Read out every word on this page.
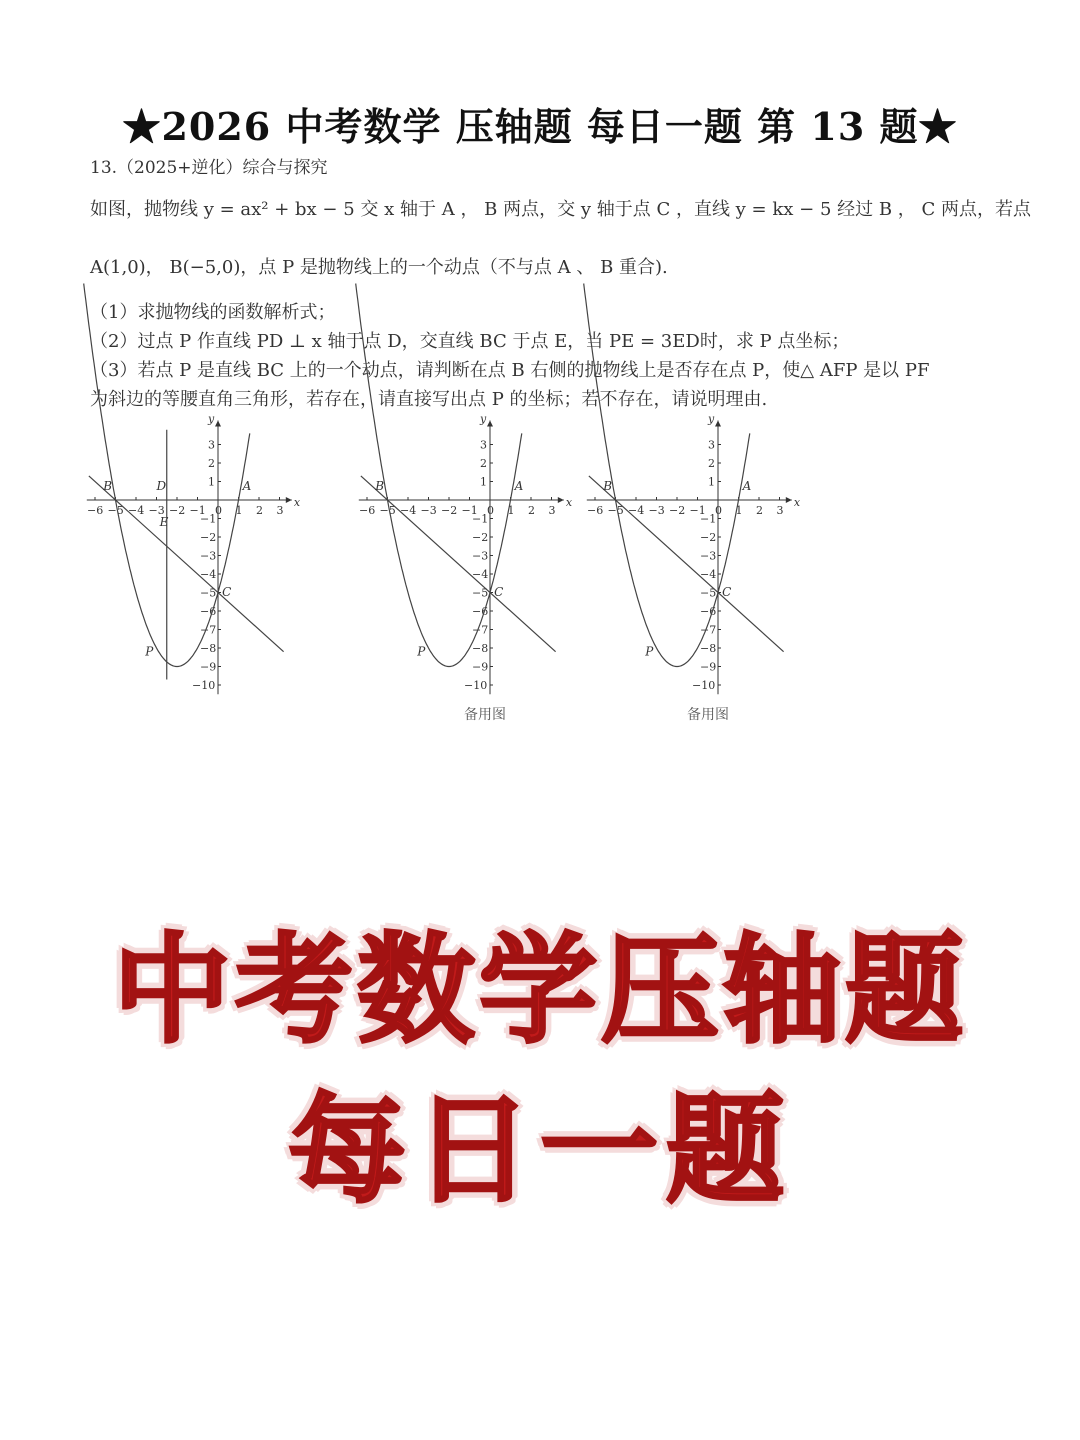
★2026 中考数学 压轴题 每日一题 第 13 题★
13.（2025+逆化）综合与探究
如图，抛物线 y = ax² + bx − 5 交 x 轴于 A ， B 两点，交 y 轴于点 C ，直线 y = kx − 5 经过 B ， C 两点，若点
A(1,0)， B(−5,0)，点 P 是抛物线上的一个动点（不与点 A 、 B 重合).
（1）求抛物线的函数解析式；
（2）过点 P 作直线 PD ⊥ x 轴于点 D，交直线 BC 于点 E，当 PE = 3ED时，求 P 点坐标；
（3）若点 P 是直线 BC 上的一个动点，请判断在点 B 右侧的抛物线上是否存在点 P，使△ AFP 是以 PF
为斜边的等腰直角三角形，若存在，请直接写出点 P 的坐标；若不存在，请说明理由.
x
y
−6 −5 −4 −3 −2 −1 0 1 2 3
3
2
1
−1
−2
−3
−4
−5
−6
−7
−8
−9
−10
B	D	A
E
C
P
x
y
−6 −5 −4 −3 −2 −1 0 1 2 3
3
2
1
−1
−2
−3
−4
−5
−6
−7
−8
−9
−10
B	A
C
P
x
y
−6 −5 −4 −3 −2 −1 0 1 2 3
3
2
1
−1
−2
−3
−4
−5
−6
−7
−8
−9
−10
B	A
C
P
备用图	备用图
中考数学压轴题
每日一题
